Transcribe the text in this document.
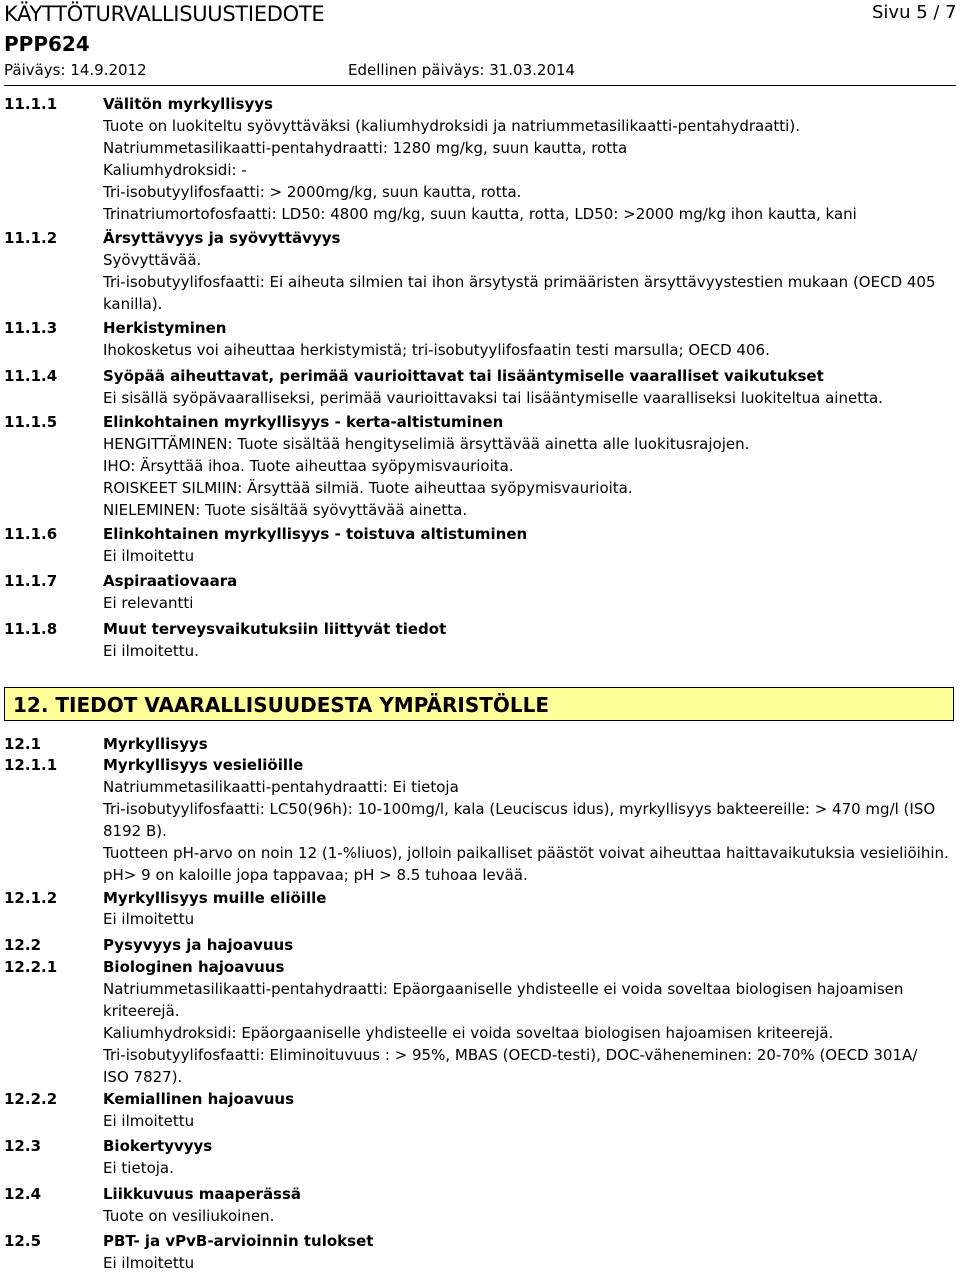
KÄYTTÖTURVALLISUUSTIEDOTE	Sivu 5 / 7
PPP624
Päiväys: 14.9.2012	Edellinen päiväys: 31.03.2014
12. TIEDOT VAARALLISUUDESTA YMPÄRISTÖLLE
11.1.1	Välitön myrkyllisyys
Tuote on luokiteltu syövyttäväksi (kaliumhydroksidi ja natriummetasilikaatti-pentahydraatti).
Natriummetasilikaatti-pentahydraatti: 1280 mg/kg, suun kautta, rotta
Kaliumhydroksidi: -
Tri-isobutyylifosfaatti: > 2000mg/kg, suun kautta, rotta.
Trinatriumortofosfaatti: LD50: 4800 mg/kg, suun kautta, rotta, LD50: >2000 mg/kg ihon kautta, kani
11.1.2	Ärsyttävyys ja syövyttävyys
Syövyttävää.
Tri-isobutyylifosfaatti: Ei aiheuta silmien tai ihon ärsytystä primääristen ärsyttävyystestien mukaan (OECD 405
kanilla).
11.1.3	Herkistyminen
Ihokosketus voi aiheuttaa herkistymistä; tri-isobutyylifosfaatin testi marsulla; OECD 406.
11.1.4	Syöpää aiheuttavat, perimää vaurioittavat tai lisääntymiselle vaaralliset vaikutukset
Ei sisällä syöpävaaralliseksi, perimää vaurioittavaksi tai lisääntymiselle vaaralliseksi luokiteltua ainetta.
11.1.5	Elinkohtainen myrkyllisyys - kerta-altistuminen
HENGITTÄMINEN: Tuote sisältää hengityselimiä ärsyttävää ainetta alle luokitusrajojen.
IHO: Ärsyttää ihoa. Tuote aiheuttaa syöpymisvaurioita.
ROISKEET SILMIIN: Ärsyttää silmiä. Tuote aiheuttaa syöpymisvaurioita.
NIELEMINEN: Tuote sisältää syövyttävää ainetta.
11.1.6	Elinkohtainen myrkyllisyys - toistuva altistuminen
Ei ilmoitettu
11.1.7	Aspiraatiovaara
Ei relevantti
11.1.8	Muut terveysvaikutuksiin liittyvät tiedot
Ei ilmoitettu.
12.1	Myrkyllisyys
12.1.1	Myrkyllisyys vesieliöille
Natriummetasilikaatti-pentahydraatti: Ei tietoja
Tri-isobutyylifosfaatti: LC50(96h): 10-100mg/l, kala (Leuciscus idus), myrkyllisyys bakteereille: > 470 mg/l (ISO
8192 B).
Tuotteen pH-arvo on noin 12 (1-%liuos), jolloin paikalliset päästöt voivat aiheuttaa haittavaikutuksia vesieliöihin.
pH> 9 on kaloille jopa tappavaa; pH > 8.5 tuhoaa levää.
12.1.2	Myrkyllisyys muille eliöille
Ei ilmoitettu
12.2	Pysyvyys ja hajoavuus
12.2.1	Biologinen hajoavuus
Natriummetasilikaatti-pentahydraatti: Epäorgaaniselle yhdisteelle ei voida soveltaa biologisen hajoamisen
kriteerejä.
Kaliumhydroksidi: Epäorgaaniselle yhdisteelle ei voida soveltaa biologisen hajoamisen kriteerejä.
Tri-isobutyylifosfaatti: Eliminoituvuus : > 95%, MBAS (OECD-testi), DOC-väheneminen: 20-70% (OECD 301A/
ISO 7827).
12.2.2	Kemiallinen hajoavuus
Ei ilmoitettu
12.3	Biokertyvyys
Ei tietoja.
12.4	Liikkuvuus maaperässä
Tuote on vesiliukoinen.
12.5	PBT- ja vPvB-arvioinnin tulokset
Ei ilmoitettu
